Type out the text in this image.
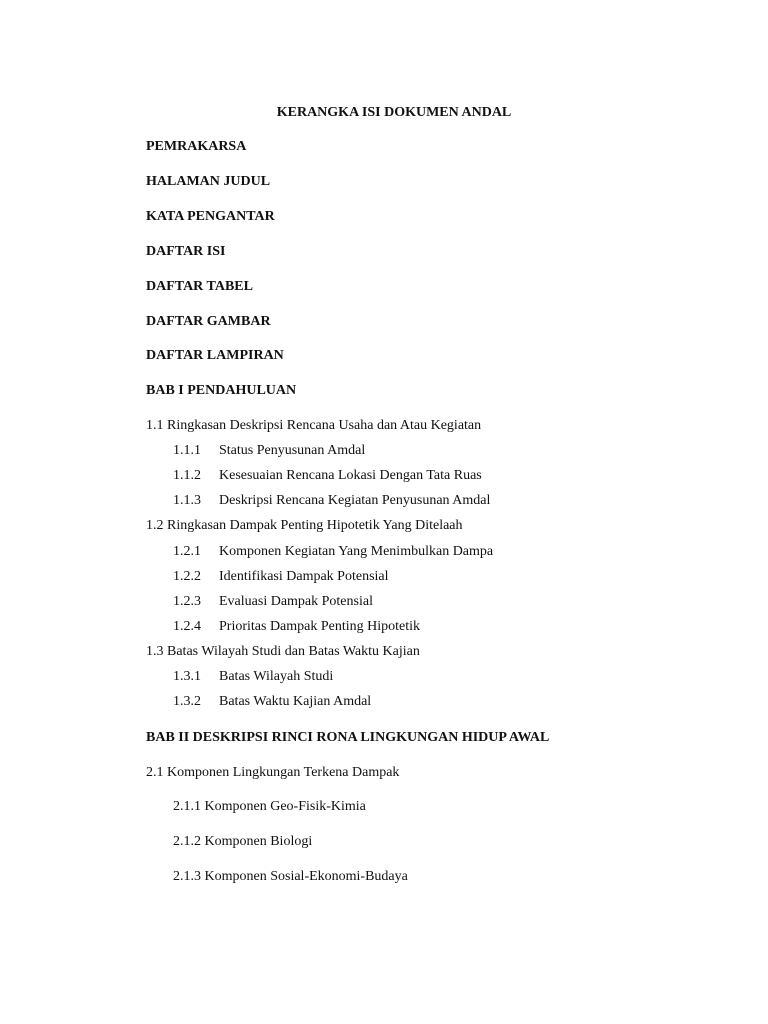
KERANGKA ISI DOKUMEN ANDAL
PEMRAKARSA
HALAMAN JUDUL
KATA PENGANTAR
DAFTAR ISI
DAFTAR TABEL
DAFTAR GAMBAR
DAFTAR LAMPIRAN
BAB I PENDAHULUAN
1.1 Ringkasan Deskripsi Rencana Usaha dan Atau Kegiatan
1.1.1 Status Penyusunan Amdal
1.1.2 Kesesuaian Rencana Lokasi Dengan Tata Ruas
1.1.3 Deskripsi Rencana Kegiatan Penyusunan Amdal
1.2 Ringkasan Dampak Penting Hipotetik Yang Ditelaah
1.2.1 Komponen Kegiatan Yang Menimbulkan Dampa
1.2.2 Identifikasi Dampak Potensial
1.2.3 Evaluasi Dampak Potensial
1.2.4 Prioritas Dampak Penting Hipotetik
1.3 Batas Wilayah Studi dan Batas Waktu Kajian
1.3.1 Batas Wilayah Studi
1.3.2 Batas Waktu Kajian Amdal
BAB II DESKRIPSI RINCI RONA LINGKUNGAN HIDUP AWAL
2.1 Komponen Lingkungan Terkena Dampak
2.1.1 Komponen Geo-Fisik-Kimia
2.1.2 Komponen Biologi
2.1.3 Komponen Sosial-Ekonomi-Budaya
